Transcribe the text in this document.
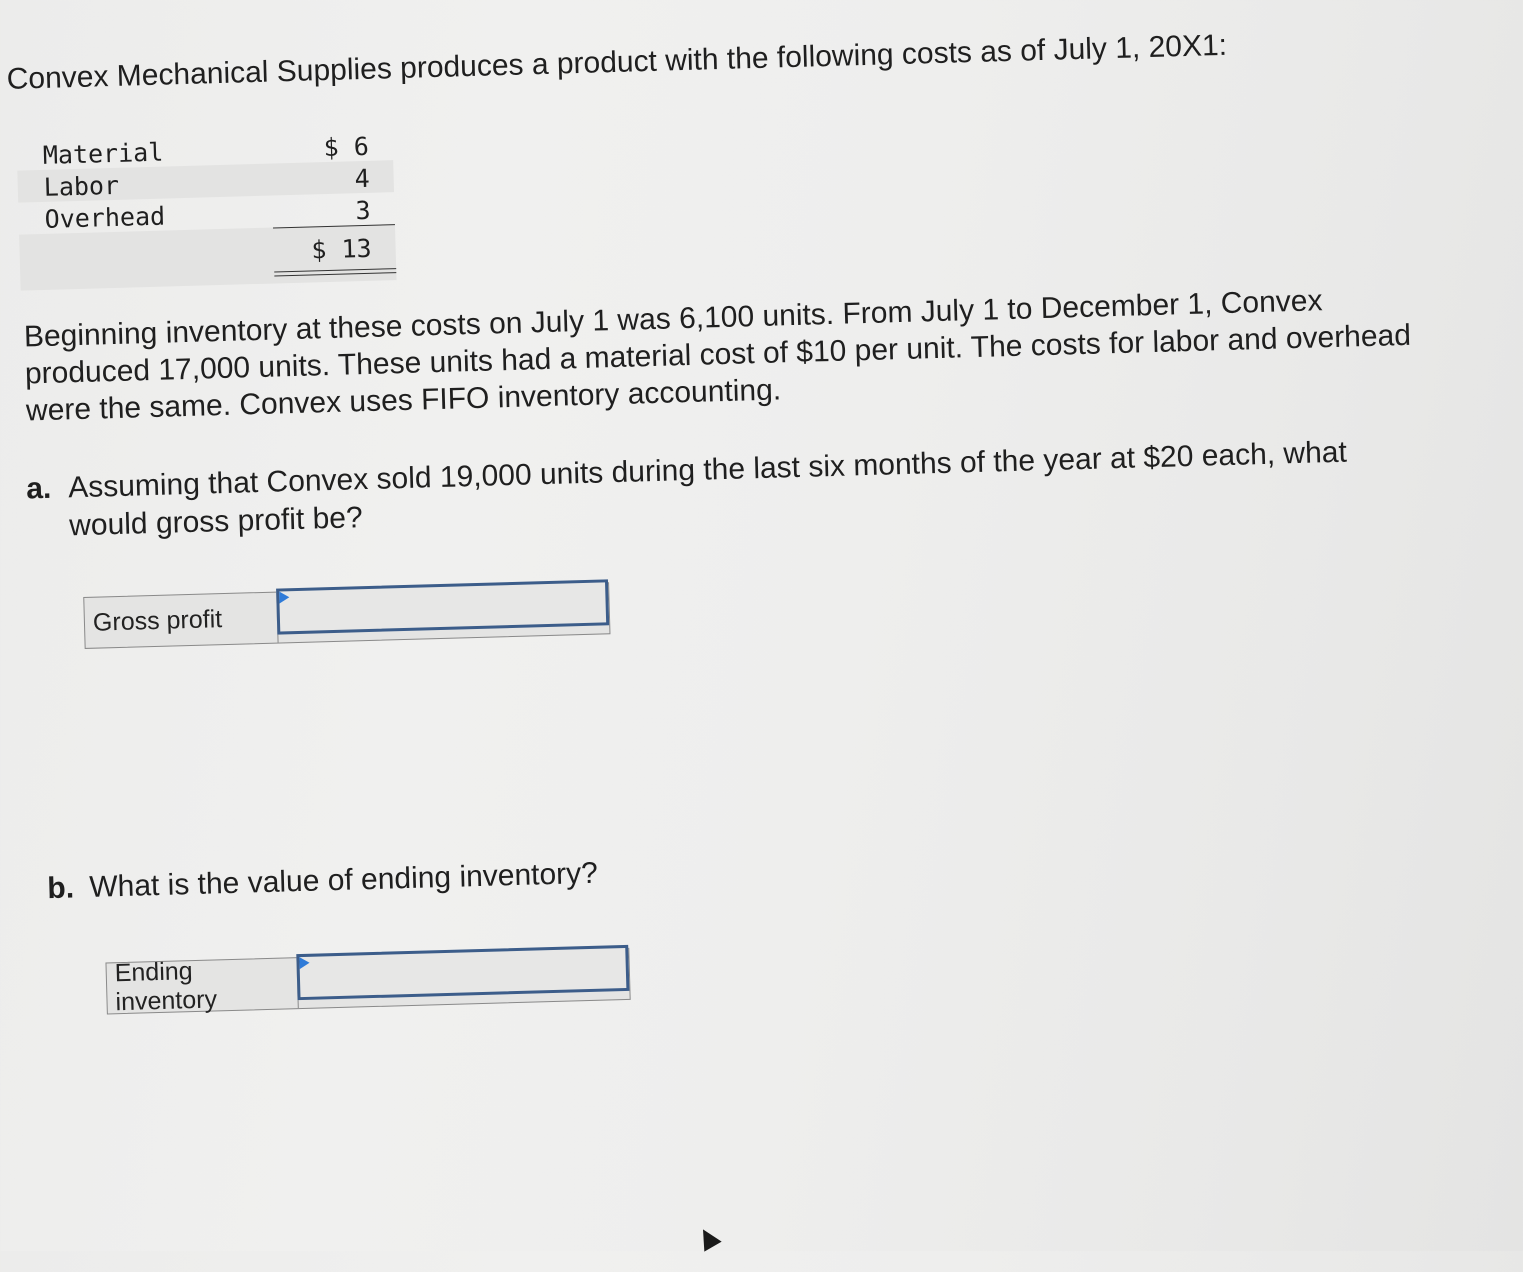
Convex Mechanical Supplies produces a product with the following costs as of July 1, 20X1:
Material	$ 6
Labor	4
Overhead	3
$ 13
Beginning inventory at these costs on July 1 was 6,100 units. From July 1 to December 1, Convex produced 17,000 units. These units had a material cost of $10 per unit. The costs for labor and overhead were the same. Convex uses FIFO inventory accounting.
a. Assuming that Convex sold 19,000 units during the last six months of the year at $20 each, what would gross profit be?
Gross profit
b. What is the value of ending inventory?
Ending inventory
